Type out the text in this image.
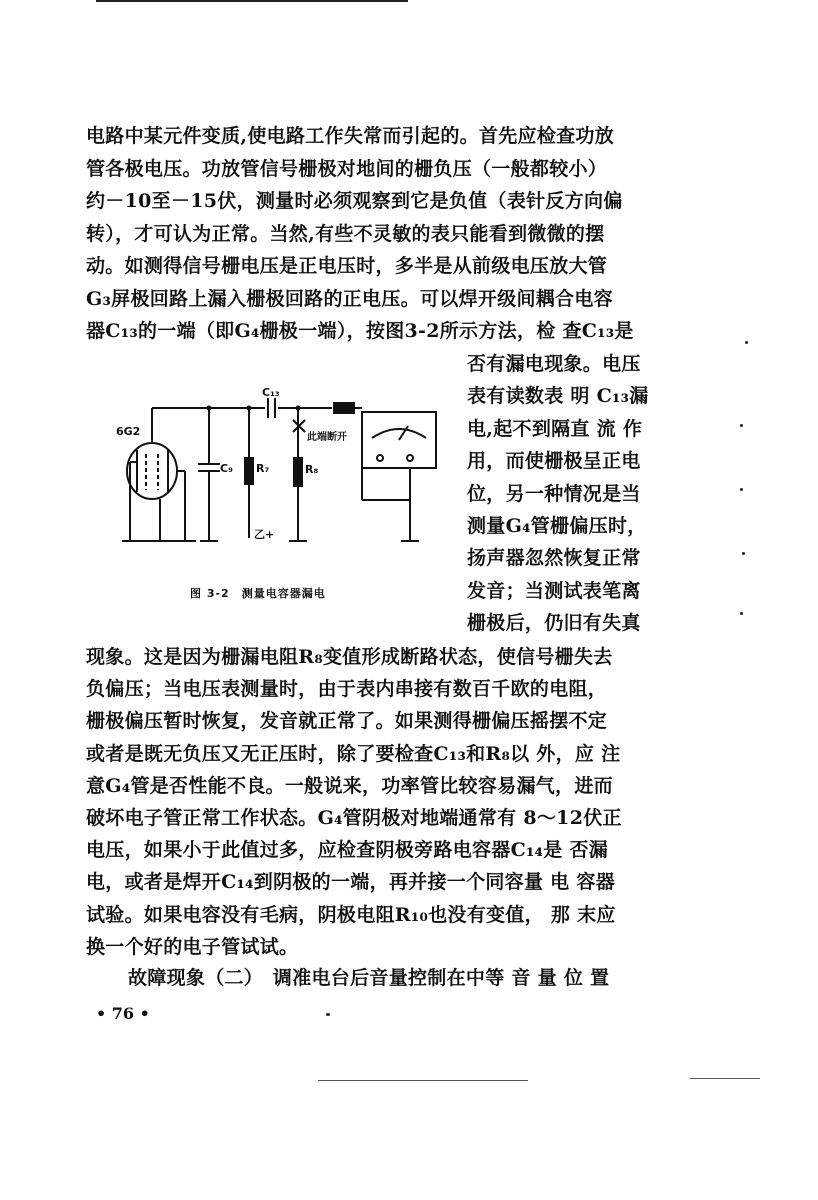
电路中某元件变质,使电路工作失常而引起的。首先应检查功放
管各极电压。功放管信号栅极对地间的栅负压（一般都较小）
约－10至－15伏，测量时必须观察到它是负值（表针反方向偏
转），才可认为正常。当然,有些不灵敏的表只能看到微微的摆
动。如测得信号栅电压是正电压时，多半是从前级电压放大管
G₃屏极回路上漏入栅极回路的正电压。可以焊开级间耦合电容
器C₁₃的一端（即G₄栅极一端），按图3-2所示方法，检 查C₁₃是
6G2
C₁₃
C₉ R₇	R₈
乙+
此端断开
图 3-2　测量电容器漏电
否有漏电现象。电压
表有读数表 明 C₁₃漏
电,起不到隔直 流 作
用，而使栅极呈正电
位，另一种情况是当
测量G₄管栅偏压时，
扬声器忽然恢复正常
发音；当测试表笔离
栅极后，仍旧有失真
现象。这是因为栅漏电阻R₈变值形成断路状态，使信号栅失去
负偏压；当电压表测量时，由于表内串接有数百千欧的电阻，
栅极偏压暂时恢复，发音就正常了。如果测得栅偏压摇摆不定
或者是既无负压又无正压时，除了要检查C₁₃和R₈以 外，应 注
意G₄管是否性能不良。一般说来，功率管比较容易漏气，进而
破坏电子管正常工作状态。G₄管阴极对地端通常有 8～12伏正
电压，如果小于此值过多，应检查阴极旁路电容器C₁₄是 否漏
电，或者是焊开C₁₄到阴极的一端，再并接一个同容量 电 容器
试验。如果电容没有毛病，阴极电阻R₁₀也没有变值， 那 末应
换一个好的电子管试试。
故障现象（二）　调准电台后音量控制在中等 音 量 位 置
• 76 •
